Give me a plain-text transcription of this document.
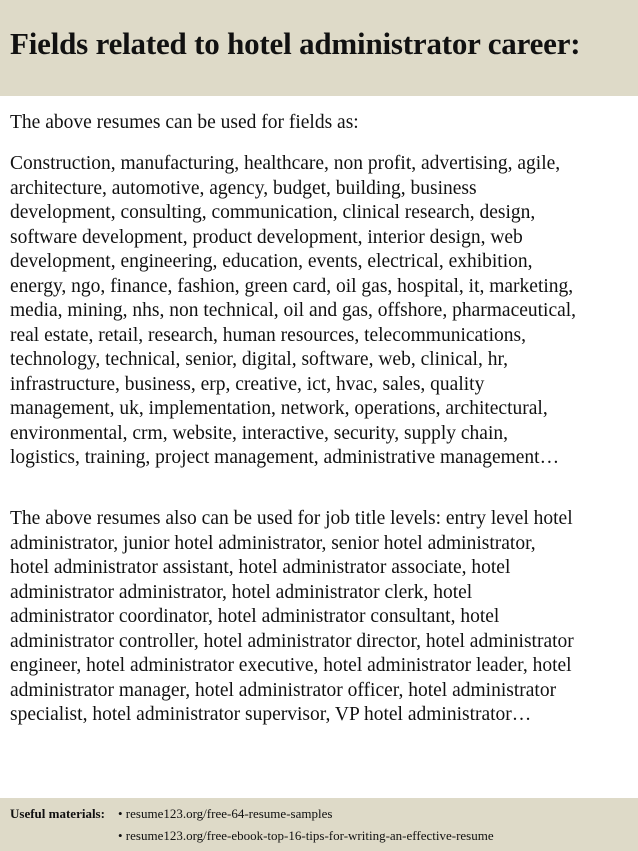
Fields related to hotel administrator career:
The above resumes can be used for fields as:
Construction, manufacturing, healthcare, non profit, advertising, agile,
architecture, automotive, agency, budget, building, business
development, consulting, communication, clinical research, design,
software development, product development, interior design, web
development, engineering, education, events, electrical, exhibition,
energy, ngo, finance, fashion, green card, oil gas, hospital, it, marketing,
media, mining, nhs, non technical, oil and gas, offshore, pharmaceutical,
real estate, retail, research, human resources, telecommunications,
technology, technical, senior, digital, software, web, clinical, hr,
infrastructure, business, erp, creative, ict, hvac, sales, quality
management, uk, implementation, network, operations, architectural,
environmental, crm, website, interactive, security, supply chain,
logistics, training, project management, administrative management…
The above resumes also can be used for job title levels: entry level hotel
administrator, junior hotel administrator, senior hotel administrator,
hotel administrator assistant, hotel administrator associate, hotel
administrator administrator, hotel administrator clerk, hotel
administrator coordinator, hotel administrator consultant, hotel
administrator controller, hotel administrator director, hotel administrator
engineer, hotel administrator executive, hotel administrator leader, hotel
administrator manager, hotel administrator officer, hotel administrator
specialist, hotel administrator supervisor, VP hotel administrator…
Useful materials: • resume123.org/free-64-resume-samples
• resume123.org/free-ebook-top-16-tips-for-writing-an-effective-resume
